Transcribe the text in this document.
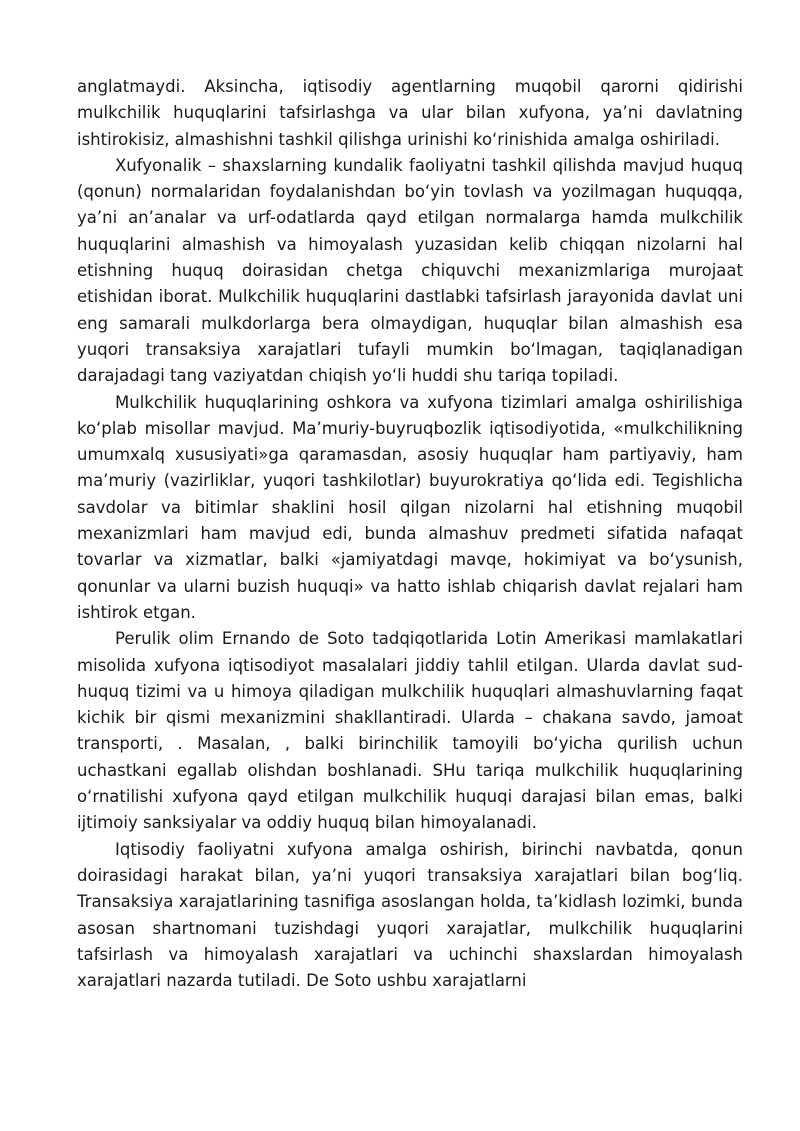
anglatmaydi. Aksincha, iqtisodiy agentlarning muqobil qarorni qidirishi mulkchilik huquqlarini tafsirlashga va ular bilan xufyona, ya’ni davlatning ishtirokisiz, almashishni tashkil qilishga urinishi ko‘rinishida amalga oshiriladi.

Xufyonalik – shaxslarning kundalik faoliyatni tashkil qilishda mavjud huquq (qonun) normalaridan foydalanishdan bo‘yin tovlash va yozilmagan huquqqa, ya’ni an’analar va urf-odatlarda qayd etilgan normalarga hamda mulkchilik huquqlarini almashish va himoyalash yuzasidan kelib chiqqan nizolarni hal etishning huquq doirasidan chetga chiquvchi mexanizmlariga murojaat etishidan iborat. Mulkchilik huquqlarini dastlabki tafsirlash jarayonida davlat uni eng samarali mulkdorlarga bera olmaydigan, huquqlar bilan almashish esa yuqori transaksiya xarajatlari tufayli mumkin bo‘lmagan, taqiqlanadigan darajadagi tang vaziyatdan chiqish yo‘li huddi shu tariqa topiladi.

Mulkchilik huquqlarining oshkora va xufyona tizimlari amalga oshirilishiga ko‘plab misollar mavjud. Ma’muriy-buyruqbozlik iqtisodiyotida, «mulkchilikning umumxalq xususiyati»ga qaramasdan, asosiy huquqlar ham partiyaviy, ham ma’muriy (vazirliklar, yuqori tashkilotlar) buyurokratiya qo‘lida edi. Tegishlicha savdolar va bitimlar shaklini hosil qilgan nizolarni hal etishning muqobil mexanizmlari ham mavjud edi, bunda almashuv predmeti sifatida nafaqat tovarlar va xizmatlar, balki «jamiyatdagi mavqe, hokimiyat va bo‘ysunish, qonunlar va ularni buzish huquqi» va hatto ishlab chiqarish davlat rejalari ham ishtirok etgan.

Perulik olim Ernando de Soto tadqiqotlarida Lotin Amerikasi mamlakatlari misolida xufyona iqtisodiyot masalalari jiddiy tahlil etilgan. Ularda davlat sud-huquq tizimi va u himoya qiladigan mulkchilik huquqlari almashuvlarning faqat kichik bir qismi mexanizmini shakllantiradi. Ularda – chakana savdo, jamoat transporti, . Masalan, , balki birinchilik tamoyili bo‘yicha qurilish uchun uchastkani egallab olishdan boshlanadi. SHu tariqa mulkchilik huquqlarining o‘rnatilishi xufyona qayd etilgan mulkchilik huquqi darajasi bilan emas, balki ijtimoiy sanksiyalar va oddiy huquq bilan himoyalanadi.

Iqtisodiy faoliyatni xufyona amalga oshirish, birinchi navbatda, qonun doirasidagi harakat bilan, ya’ni yuqori transaksiya xarajatlari bilan bog‘liq. Transaksiya xarajatlarining tasnifiga asoslangan holda, ta’kidlash lozimki, bunda asosan shartnomani tuzishdagi yuqori xarajatlar, mulkchilik huquqlarini tafsirlash va himoyalash xarajatlari va uchinchi shaxslardan himoyalash xarajatlari nazarda tutiladi. De Soto ushbu xarajatlarni
